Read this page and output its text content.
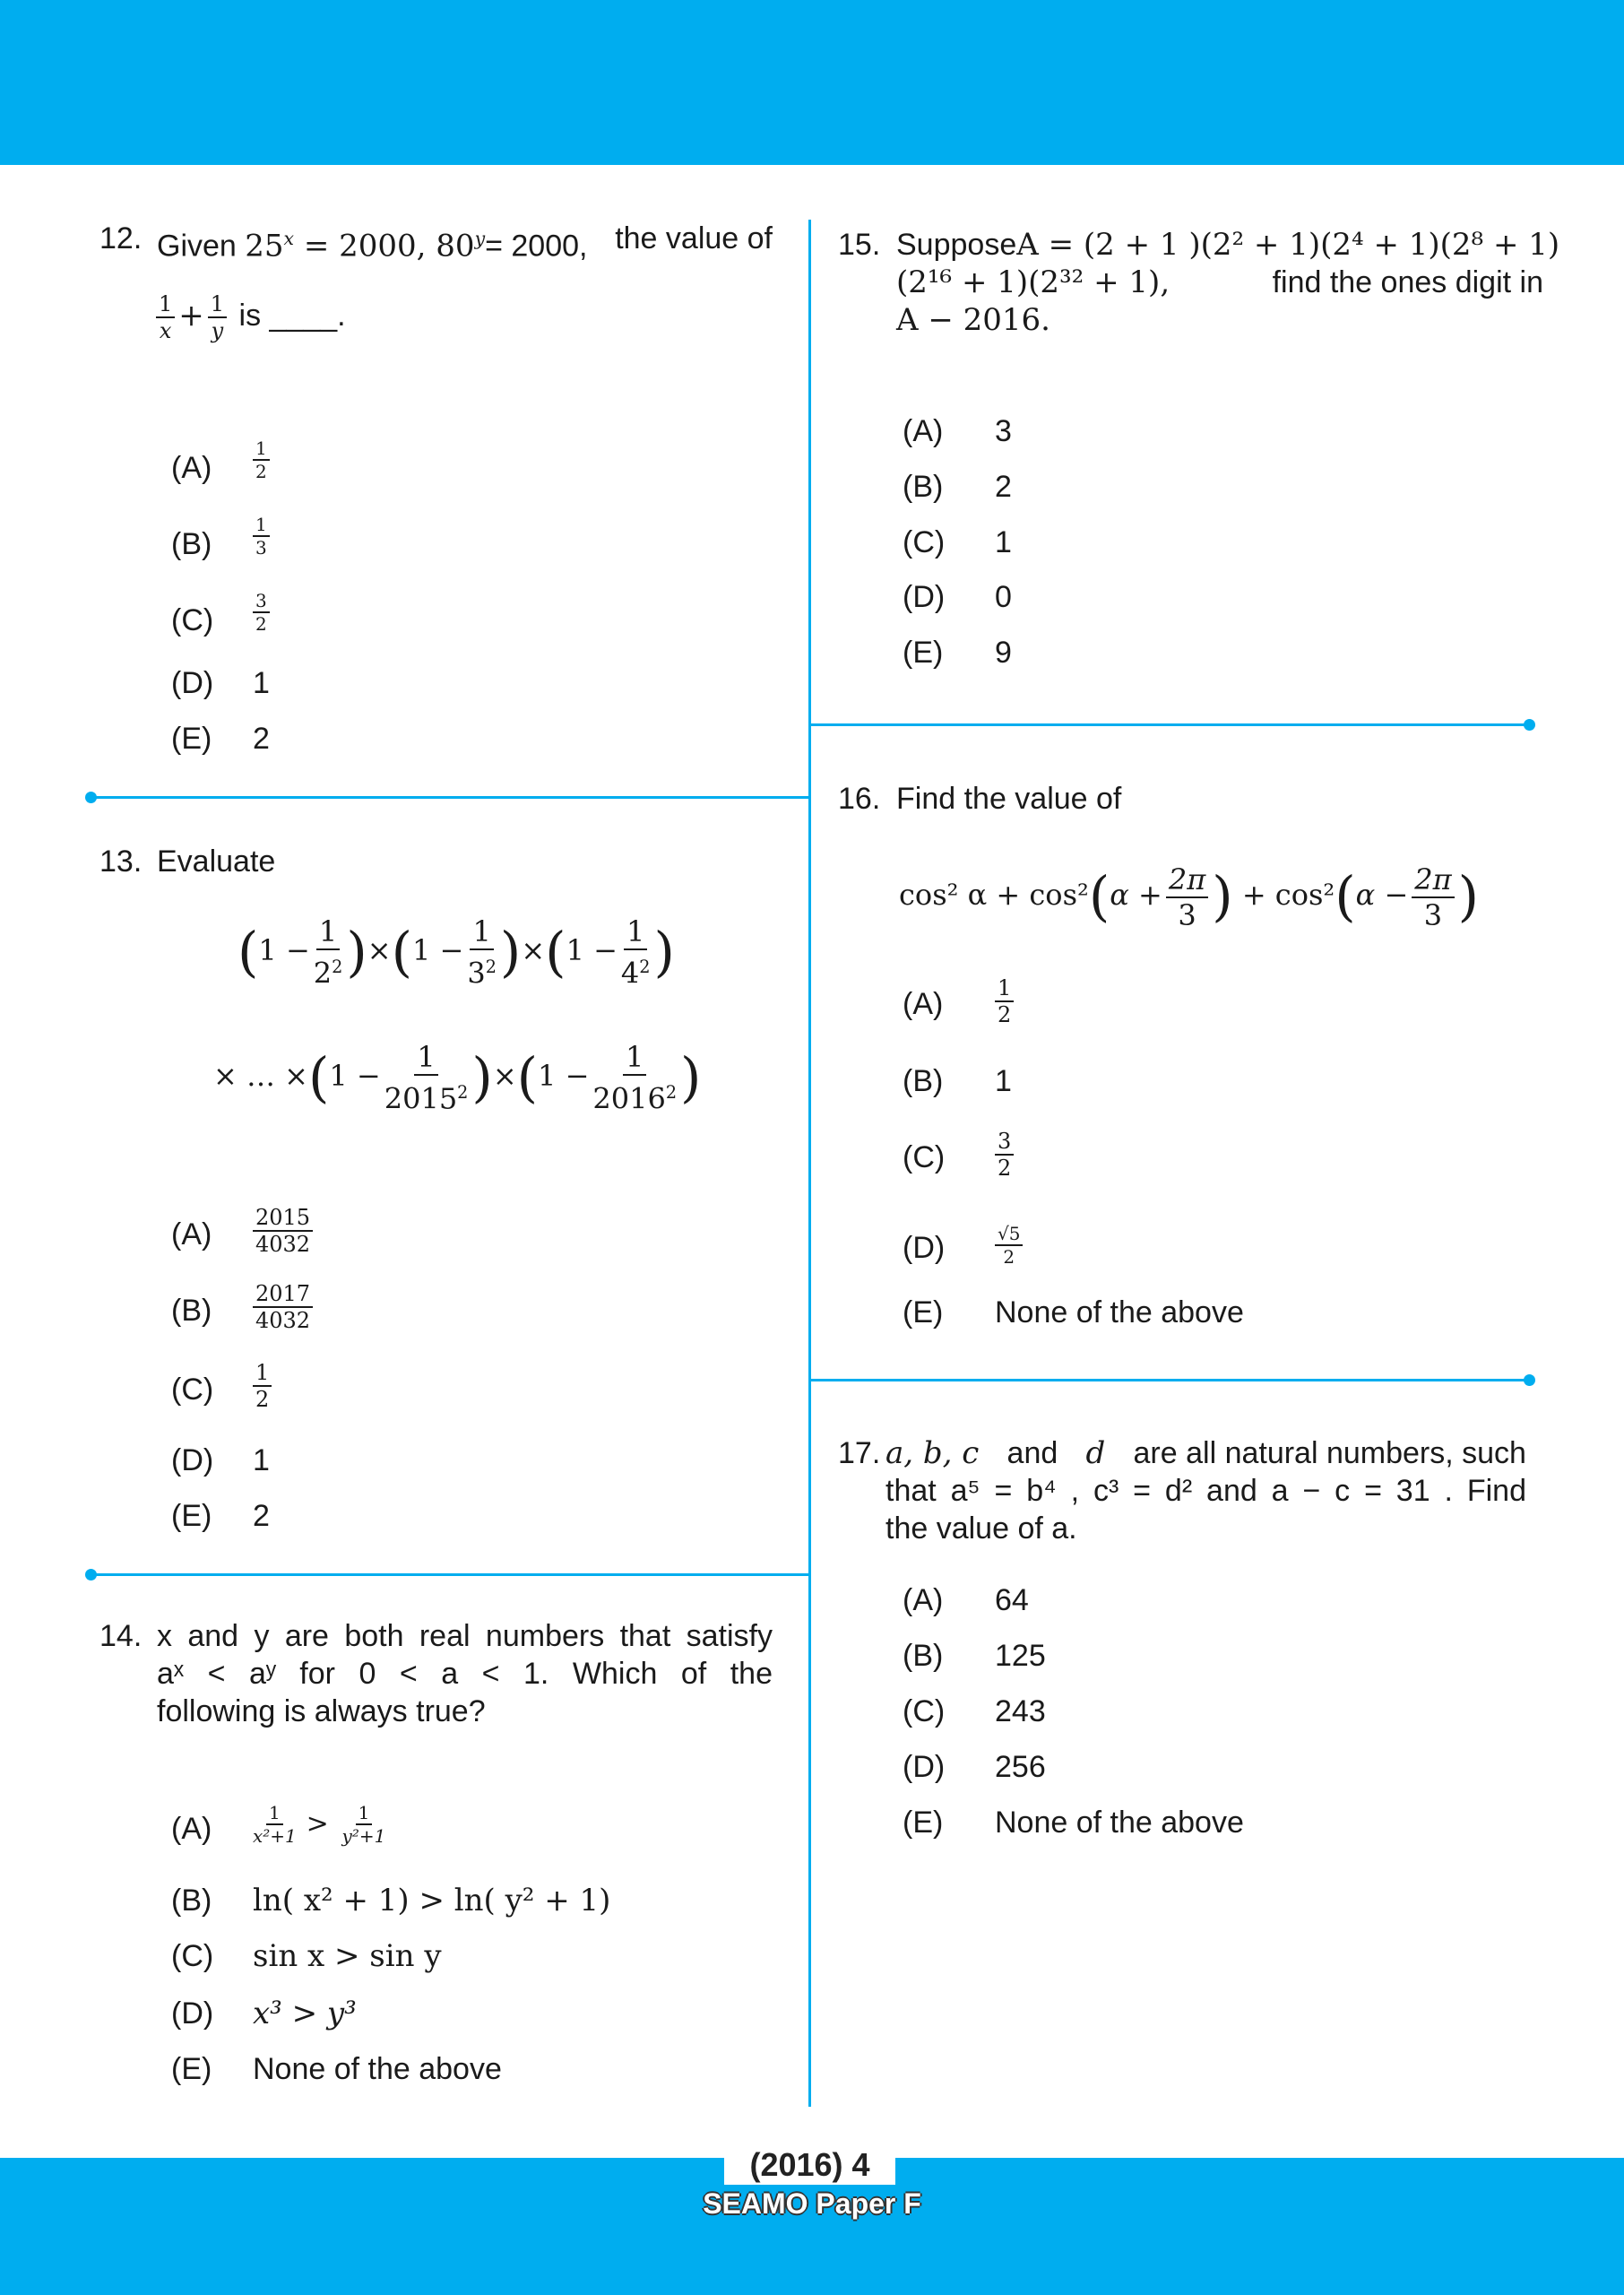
12. Given $25^x = 2000$, $80^y= 2000$, the value of
$\frac{1}{x} + \frac{1}{y}$ is ____.
$(A) \frac{1}{2}$
$(B) \frac{1}{3}$
$(C) \frac{3}{2}$
(D) 1
(E) 2
13. Evaluate
$(1 - \frac{1}{2^2} )\times(1 - \frac{1}{3^2} )\times(1 - \frac{1}{4^2}$ )
× … $\times(1 - \frac{1}{2015^2} )\times(1 - \frac{1}{2016^2}$ )
$(A) \frac{2015}{4032}$
$(B) \frac{2017}{4032}$
$(C) \frac{1}{2}$
(D) 1
(E) 2
14. x and y are both real numbers that satisfy
aˣ < aʸ for 0 < a < 1. Which of the
following is always true?
$(A) \frac{1}{\text{x²+1}} > \frac{1}{\text{y²+1}}$
(B) ln( x² + 1) > ln( y² + 1)
(C) sin x > sin y
(D) x³ > y³
(E) None of the above
15. Suppose A = (2 + 1 )(2² + 1)(2⁴ + 1)(2⁸ + 1)
(2¹⁶ + 1)(2³² + 1),	find the ones digit in
A − 2016.
(A) 3
(B) 2
(C) 1
(D) 0
(E) 9
16. Find the value of
cos² $\alpha + \cos^2(\alpha + \frac{2\pi}{3}$ ) + $\cos^2(\alpha - \frac{2\pi}{3}$ )
$(A) \frac{1}{2}$
(B) 1
$(C) \frac{3}{2}$
(D)	$\frac{√5}{2}$
(E) None of the above
17. a, b, c and d are all natural numbers, such
that a⁵ = b⁴ , c³ = d² and a − c = 31 . Find
the value of a.
(A) 64
(B) 125
(C) 243
(D) 256
(E) None of the above
(2016) 4
SEAMO Paper F
